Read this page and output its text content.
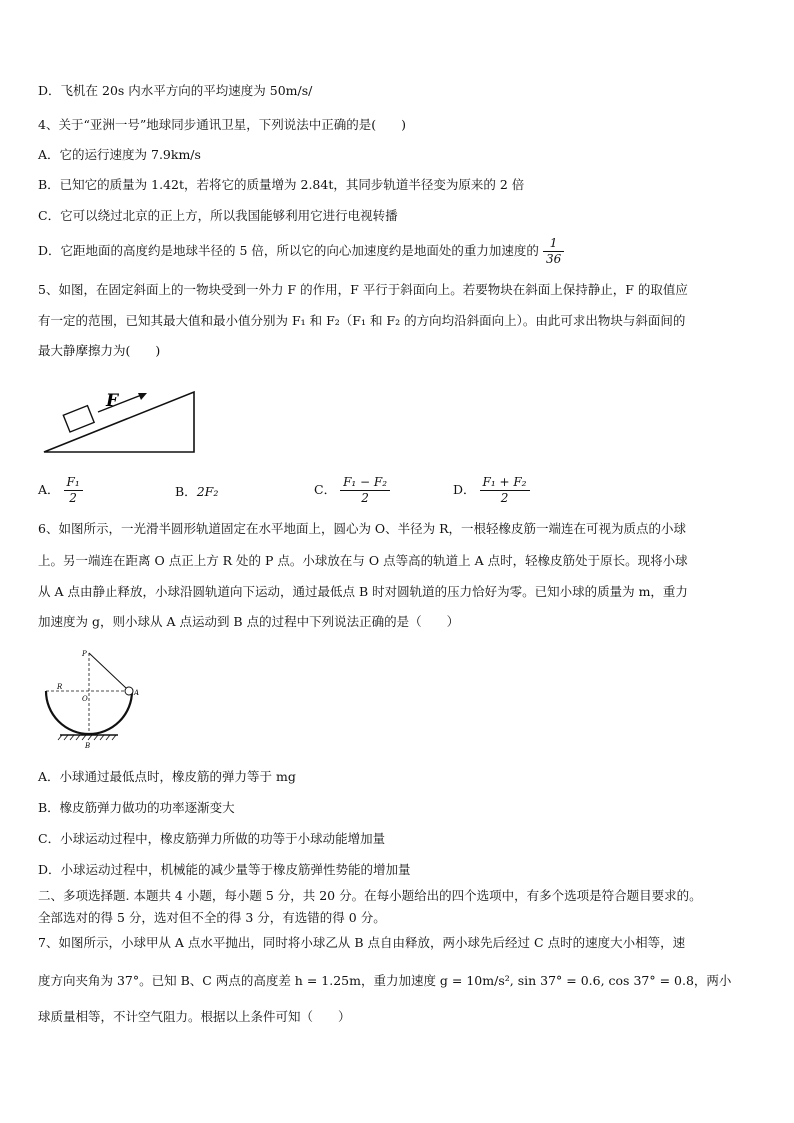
D．飞机在 20s 内水平方向的平均速度为 50m/s/
4、关于“亚洲一号”地球同步通讯卫星，下列说法中正确的是(　　)
A．它的运行速度为 7.9km/s
B．已知它的质量为 1.42t，若将它的质量增为 2.84t，其同步轨道半径变为原来的 2 倍
C．它可以绕过北京的正上方，所以我国能够利用它进行电视转播
D．它距地面的高度约是地球半径的 5 倍，所以它的向心加速度约是地面处的重力加速度的 $\frac{1}{36}$
5、如图，在固定斜面上的一物块受到一外力 F 的作用，F 平行于斜面向上。若要物块在斜面上保持静止，F 的取值应
有一定的范围，已知其最大值和最小值分别为 F₁ 和 F₂（F₁ 和 F₂ 的方向均沿斜面向上）。由此可求出物块与斜面间的
最大静摩擦力为(　　)
F
A． $\frac{\text{F₁}}{2}$	B．2F₂	C． $\frac{\text{F₁ − F₂}}{2}$	D． $\frac{\text{F₁ + F₂}}{2}$
6、如图所示，一光滑半圆形轨道固定在水平地面上，圆心为 O、半径为 R，一根轻橡皮筋一端连在可视为质点的小球
上。另一端连在距离 O 点正上方 R 处的 P 点。小球放在与 O 点等高的轨道上 A 点时，轻橡皮筋处于原长。现将小球
从 A 点由静止释放，小球沿圆轨道向下运动，通过最低点 B 时对圆轨道的压力恰好为零。已知小球的质量为 m，重力
加速度为 g，则小球从 A 点运动到 B 点的过程中下列说法正确的是（　　）
P
R
O
A
B
A．小球通过最低点时，橡皮筋的弹力等于 mg
B．橡皮筋弹力做功的功率逐渐变大
C．小球运动过程中，橡皮筋弹力所做的功等于小球动能增加量
D．小球运动过程中，机械能的减少量等于橡皮筋弹性势能的增加量
二、多项选择题. 本题共 4 小题，每小题 5 分，共 20 分。在每小题给出的四个选项中，有多个选项是符合题目要求的。
全部选对的得 5 分，选对但不全的得 3 分，有选错的得 0 分。
7、如图所示，小球甲从 A 点水平抛出，同时将小球乙从 B 点自由释放，两小球先后经过 C 点时的速度大小相等，速
度方向夹角为 37°。已知 B、C 两点的高度差 h = 1.25m，重力加速度 g = 10m/s², sin 37° = 0.6, cos 37° = 0.8，两小
球质量相等，不计空气阻力。根据以上条件可知（　　）
